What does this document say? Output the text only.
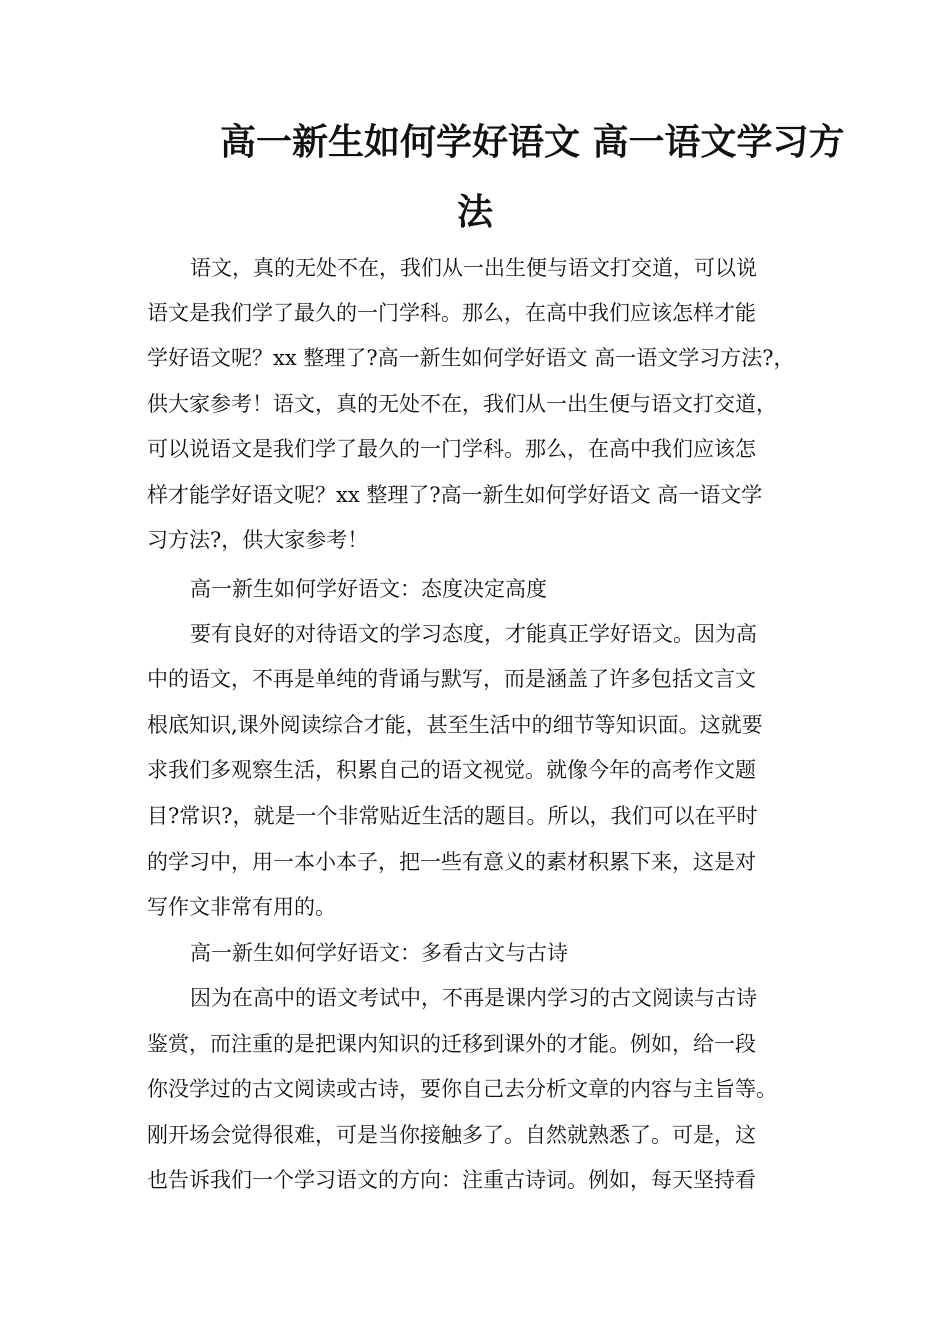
高一新生如何学好语文 高一语文学习方
法
语文，真的无处不在，我们从一出生便与语文打交道，可以说
语文是我们学了最久的一门学科。那么，在高中我们应该怎样才能
学好语文呢？xx 整理了?高一新生如何学好语文 高一语文学习方法?，
供大家参考！语文，真的无处不在，我们从一出生便与语文打交道，
可以说语文是我们学了最久的一门学科。那么，在高中我们应该怎
样才能学好语文呢？xx 整理了?高一新生如何学好语文 高一语文学
习方法?，供大家参考！
高一新生如何学好语文：态度决定高度
要有良好的对待语文的学习态度，才能真正学好语文。因为高
中的语文，不再是单纯的背诵与默写，而是涵盖了许多包括文言文
根底知识,课外阅读综合才能，甚至生活中的细节等知识面。这就要
求我们多观察生活，积累自己的语文视觉。就像今年的高考作文题
目?常识?，就是一个非常贴近生活的题目。所以，我们可以在平时
的学习中，用一本小本子，把一些有意义的素材积累下来，这是对
写作文非常有用的。
高一新生如何学好语文：多看古文与古诗
因为在高中的语文考试中，不再是课内学习的古文阅读与古诗
鉴赏，而注重的是把课内知识的迁移到课外的才能。例如，给一段
你没学过的古文阅读或古诗，要你自己去分析文章的内容与主旨等。
刚开场会觉得很难，可是当你接触多了。自然就熟悉了。可是，这
也告诉我们一个学习语文的方向：注重古诗词。例如，每天坚持看
